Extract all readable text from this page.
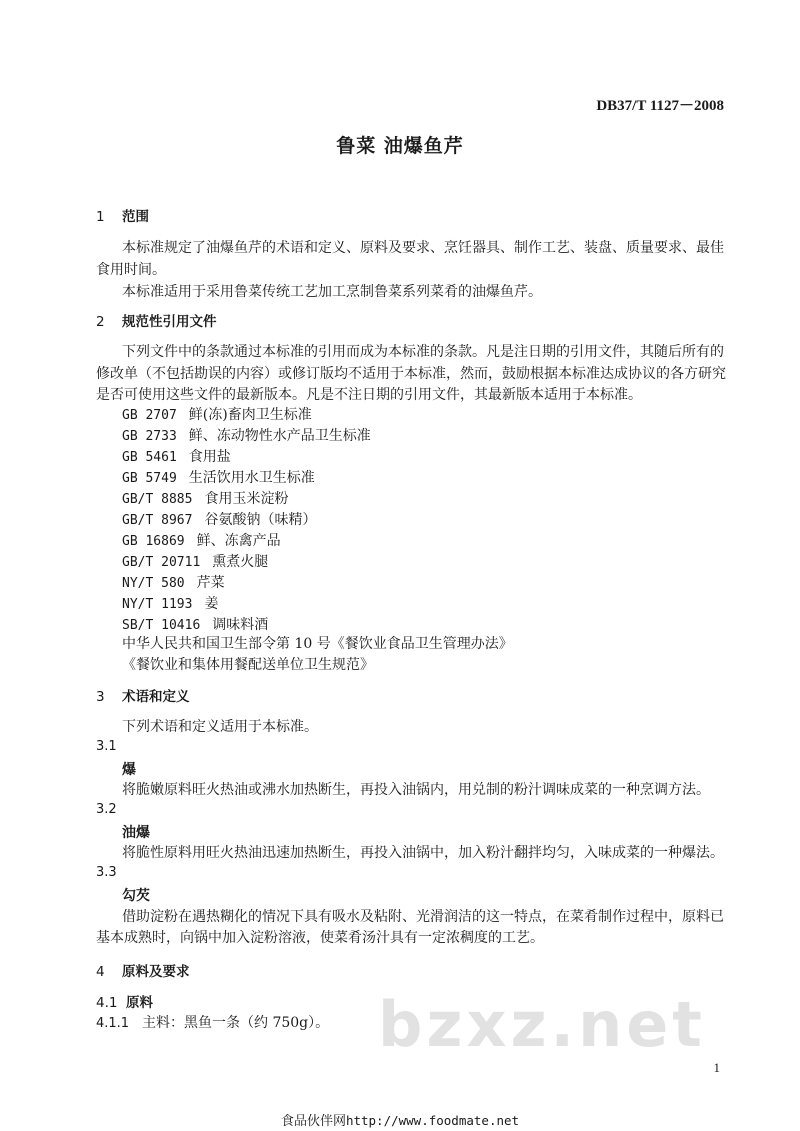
DB37/T 1127－2008
鲁菜 油爆鱼芹
1 范围
本标准规定了油爆鱼芹的术语和定义、原料及要求、烹饪器具、制作工艺、装盘、质量要求、最佳
食用时间。
本标准适用于采用鲁菜传统工艺加工烹制鲁菜系列菜肴的油爆鱼芹。
2 规范性引用文件
下列文件中的条款通过本标准的引用而成为本标准的条款。凡是注日期的引用文件，其随后所有的
修改单（不包括勘误的内容）或修订版均不适用于本标准，然而，鼓励根据本标准达成协议的各方研究
是否可使用这些文件的最新版本。凡是不注日期的引用文件，其最新版本适用于本标准。
GB 2707 鲜(冻)畜肉卫生标准
GB 2733 鲜、冻动物性水产品卫生标准
GB 5461 食用盐
GB 5749 生活饮用水卫生标准
GB/T 8885 食用玉米淀粉
GB/T 8967 谷氨酸钠（味精）
GB 16869 鲜、冻禽产品
GB/T 20711 熏煮火腿
NY/T 580 芹菜
NY/T 1193 姜
SB/T 10416 调味料酒
中华人民共和国卫生部令第 10 号《餐饮业食品卫生管理办法》
《餐饮业和集体用餐配送单位卫生规范》
3 术语和定义
下列术语和定义适用于本标准。
3.1
爆
将脆嫩原料旺火热油或沸水加热断生，再投入油锅内，用兑制的粉汁调味成菜的一种烹调方法。
3.2
油爆
将脆性原料用旺火热油迅速加热断生，再投入油锅中，加入粉汁翻拌均匀，入味成菜的一种爆法。
3.3
勾芡
借助淀粉在遇热糊化的情况下具有吸水及粘附、光滑润洁的这一特点，在菜肴制作过程中，原料已
基本成熟时，向锅中加入淀粉溶液，使菜肴汤汁具有一定浓稠度的工艺。
4 原料及要求
4.1 原料
4.1.1 主料：黑鱼一条（约 750g）。 bzxz.net
1
食品伙伴网http://www.foodmate.net
